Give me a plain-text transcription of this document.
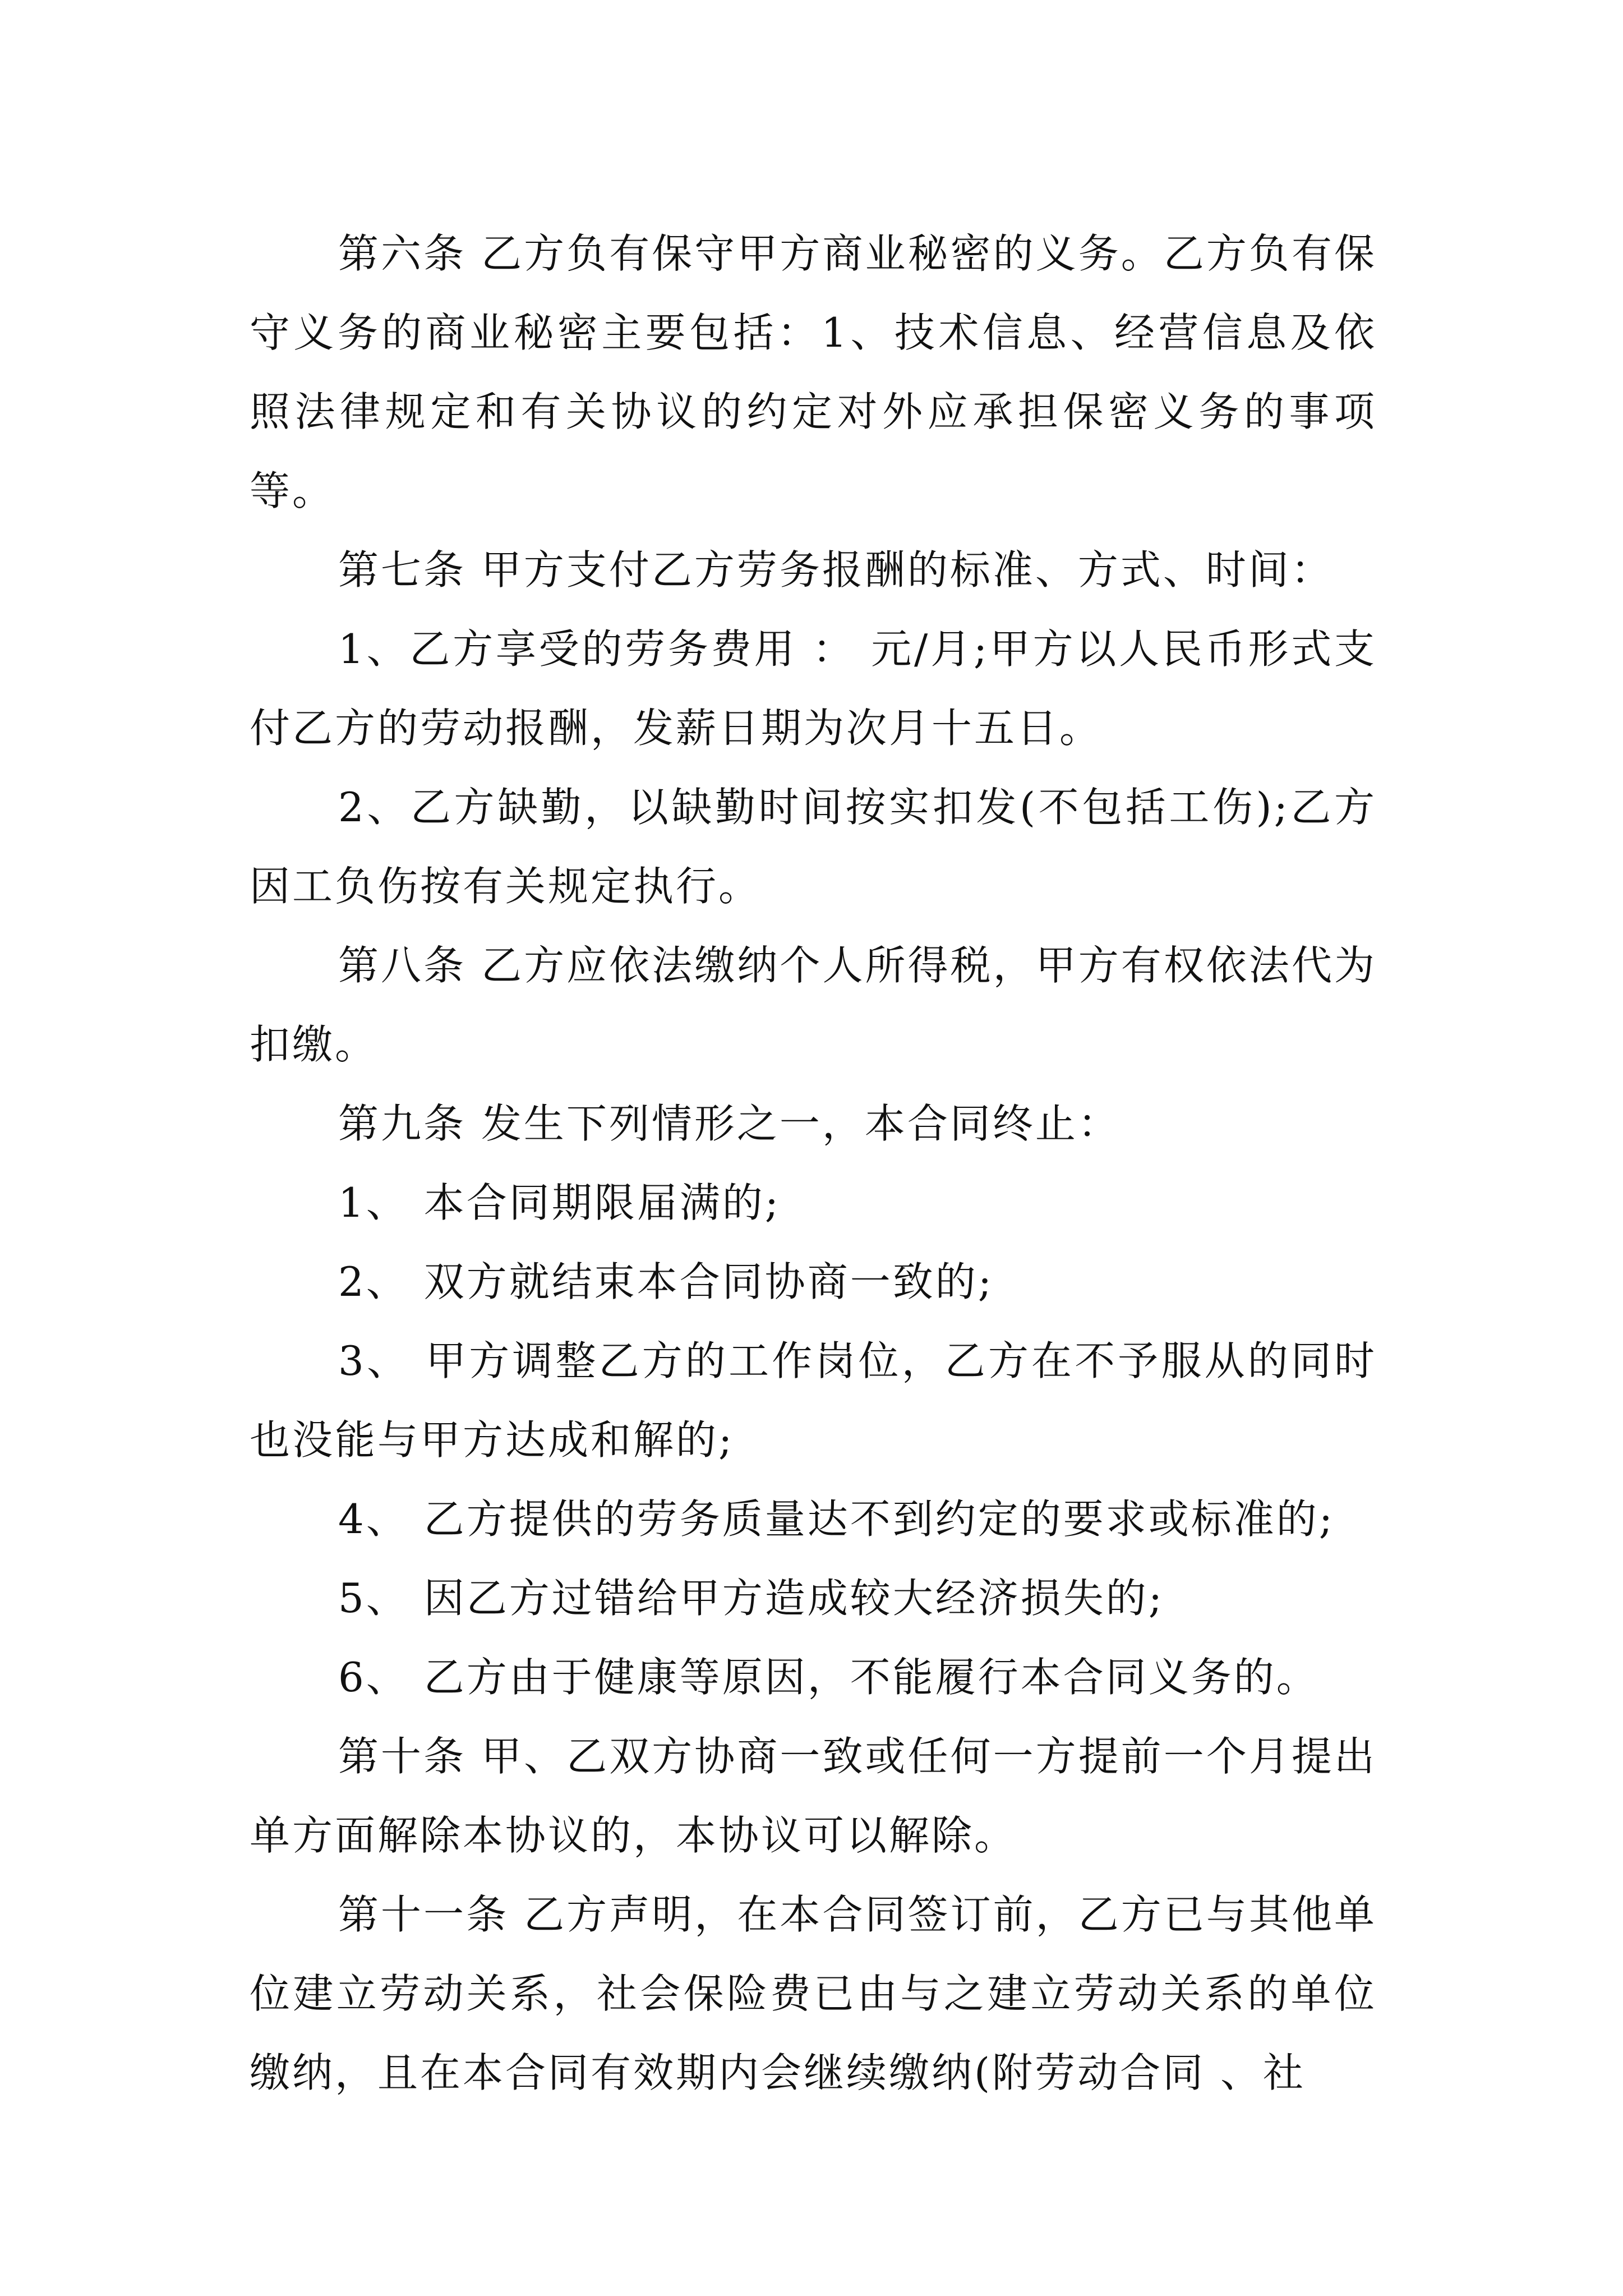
第六条 乙方负有保守甲方商业秘密的义务。乙方负有保守义务的商业秘密主要包括：1、技术信息、经营信息及依照法律规定和有关协议的约定对外应承担保密义务的事项等。

第七条 甲方支付乙方劳务报酬的标准、方式、时间：

1、乙方享受的劳务费用 ： 元/月;甲方以人民币形式支付乙方的劳动报酬，发薪日期为次月十五日。

2、乙方缺勤，以缺勤时间按实扣发(不包括工伤);乙方因工负伤按有关规定执行。

第八条 乙方应依法缴纳个人所得税，甲方有权依法代为扣缴。

第九条 发生下列情形之一，本合同终止：

1、 本合同期限届满的;

2、 双方就结束本合同协商一致的;

3、 甲方调整乙方的工作岗位，乙方在不予服从的同时也没能与甲方达成和解的;

4、 乙方提供的劳务质量达不到约定的要求或标准的;

5、 因乙方过错给甲方造成较大经济损失的;

6、 乙方由于健康等原因，不能履行本合同义务的。

第十条 甲、乙双方协商一致或任何一方提前一个月提出单方面解除本协议的，本协议可以解除。

第十一条 乙方声明，在本合同签订前，乙方已与其他单位建立劳动关系，社会保险费已由与之建立劳动关系的单位缴纳，且在本合同有效期内会继续缴纳(附劳动合同 、社
